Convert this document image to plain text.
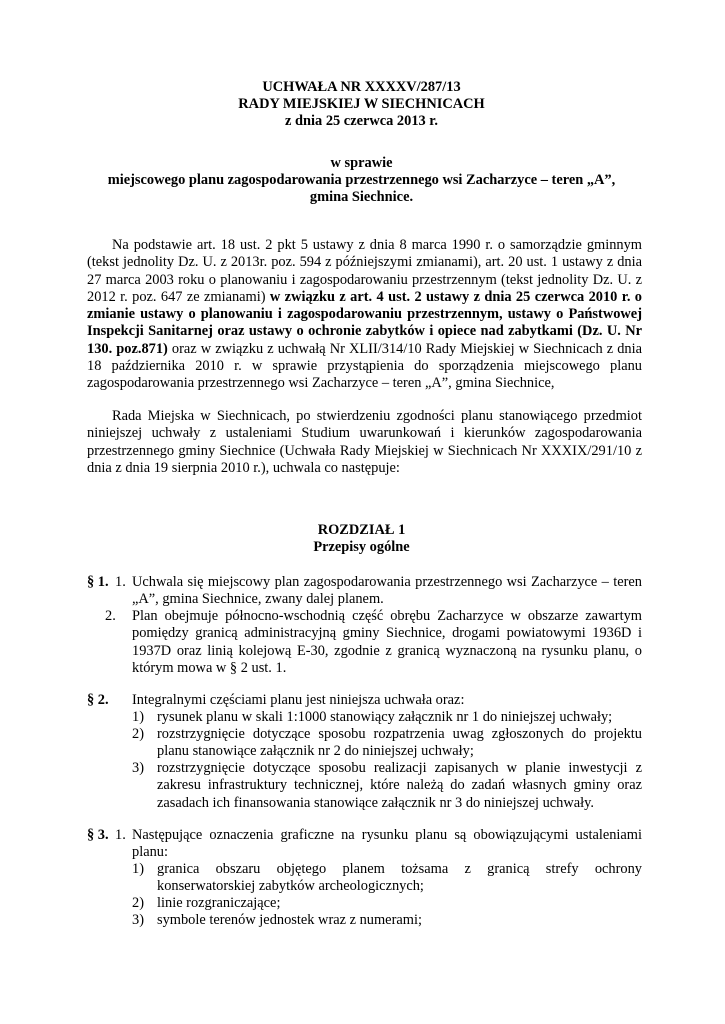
UCHWAŁA NR XXXXV/287/13
RADY MIEJSKIEJ W SIECHNICACH
z dnia 25 czerwca 2013 r.
w sprawie
miejscowego planu zagospodarowania przestrzennego wsi Zacharzyce – teren „A”,
gmina Siechnice.
Na podstawie art. 18 ust. 2 pkt 5 ustawy z dnia 8 marca 1990 r. o samorządzie gminnym (tekst jednolity Dz. U. z 2013r. poz. 594 z późniejszymi zmianami), art. 20 ust. 1 ustawy z dnia 27 marca 2003 roku o planowaniu i zagospodarowaniu przestrzennym (tekst jednolity Dz. U. z 2012 r. poz. 647 ze zmianami) w związku z art. 4 ust. 2 ustawy z dnia 25 czerwca 2010 r. o zmianie ustawy o planowaniu i zagospodarowaniu przestrzennym, ustawy o Państwowej Inspekcji Sanitarnej oraz ustawy o ochronie zabytków i opiece nad zabytkami (Dz. U. Nr 130. poz.871) oraz w związku z uchwałą Nr XLII/314/10 Rady Miejskiej w Siechnicach z dnia 18 października 2010 r. w sprawie przystąpienia do sporządzenia miejscowego planu zagospodarowania przestrzennego wsi Zacharzyce – teren „A”, gmina Siechnice,
Rada Miejska w Siechnicach, po stwierdzeniu zgodności planu stanowiącego przedmiot niniejszej uchwały z ustaleniami Studium uwarunkowań i kierunków zagospodarowania przestrzennego gminy Siechnice (Uchwała Rady Miejskiej w Siechnicach Nr XXXIX/291/10 z dnia z dnia 19 sierpnia 2010 r.), uchwala co następuje:
ROZDZIAŁ 1
Przepisy ogólne
§ 1. 1. Uchwala się miejscowy plan zagospodarowania przestrzennego wsi Zacharzyce – teren „A”, gmina Siechnice, zwany dalej planem.
2. Plan obejmuje północno-wschodnią część obrębu Zacharzyce w obszarze zawartym pomiędzy granicą administracyjną gminy Siechnice, drogami powiatowymi 1936D i 1937D oraz linią kolejową E-30, zgodnie z granicą wyznaczoną na rysunku planu, o którym mowa w § 2 ust. 1.
§ 2. Integralnymi częściami planu jest niniejsza uchwała oraz:
1) rysunek planu w skali 1:1000 stanowiący załącznik nr 1 do niniejszej uchwały;
2) rozstrzygnięcie dotyczące sposobu rozpatrzenia uwag zgłoszonych do projektu planu stanowiące załącznik nr 2 do niniejszej uchwały;
3) rozstrzygnięcie dotyczące sposobu realizacji zapisanych w planie inwestycji z zakresu infrastruktury technicznej, które należą do zadań własnych gminy oraz zasadach ich finansowania stanowiące załącznik nr 3 do niniejszej uchwały.
§ 3. 1. Następujące oznaczenia graficzne na rysunku planu są obowiązującymi ustaleniami planu:
1) granica obszaru objętego planem tożsama z granicą strefy ochrony konserwatorskiej zabytków archeologicznych;
2) linie rozgraniczające;
3) symbole terenów jednostek wraz z numerami;
